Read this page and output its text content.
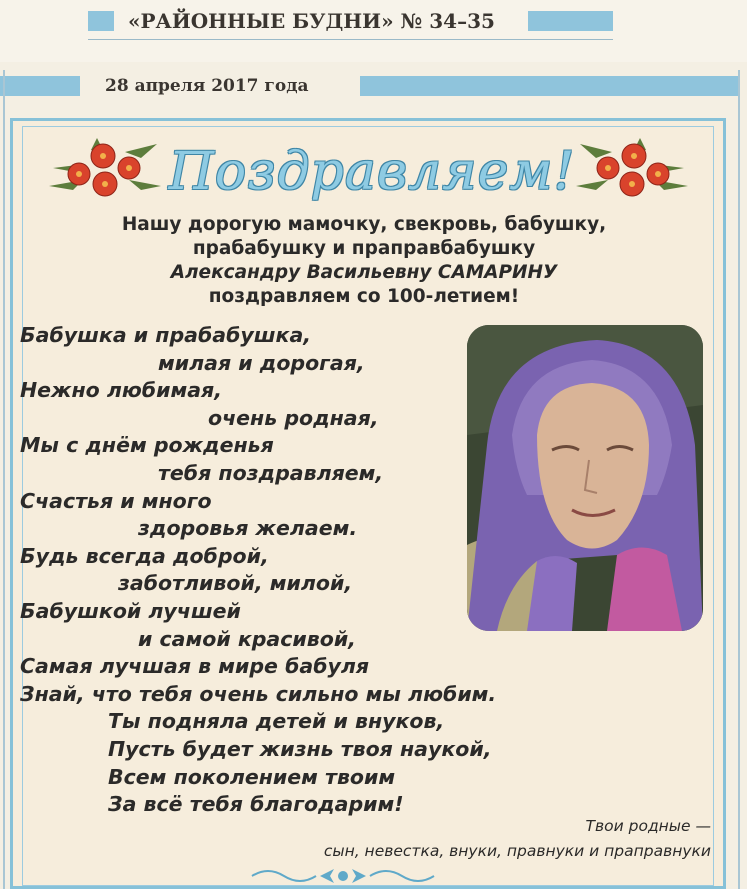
«РАЙОННЫЕ БУДНИ» № 34–35
28 апреля 2017 года
Поздравляем!
Нашу дорогую мамочку, свекровь, бабушку,
прабабушку и праправбабушку
Александру Васильевну САМАРИНУ
поздравляем со 100-летием!
Бабушка и прабабушка,
милая и дорогая,
Нежно любимая,
очень родная,
Мы с днём рожденья
тебя поздравляем,
Счастья и много
здоровья желаем.
Будь всегда доброй,
заботливой, милой,
Бабушкой лучшей
и самой красивой,
Самая лучшая в мире бабуля
Знай, что тебя очень сильно мы любим.
Ты подняла детей и внуков,
Пусть будет жизнь твоя наукой,
Всем поколением твоим
За всё тебя благодарим!
Твои родные —
сын, невестка, внуки, правнуки и праправнуки
